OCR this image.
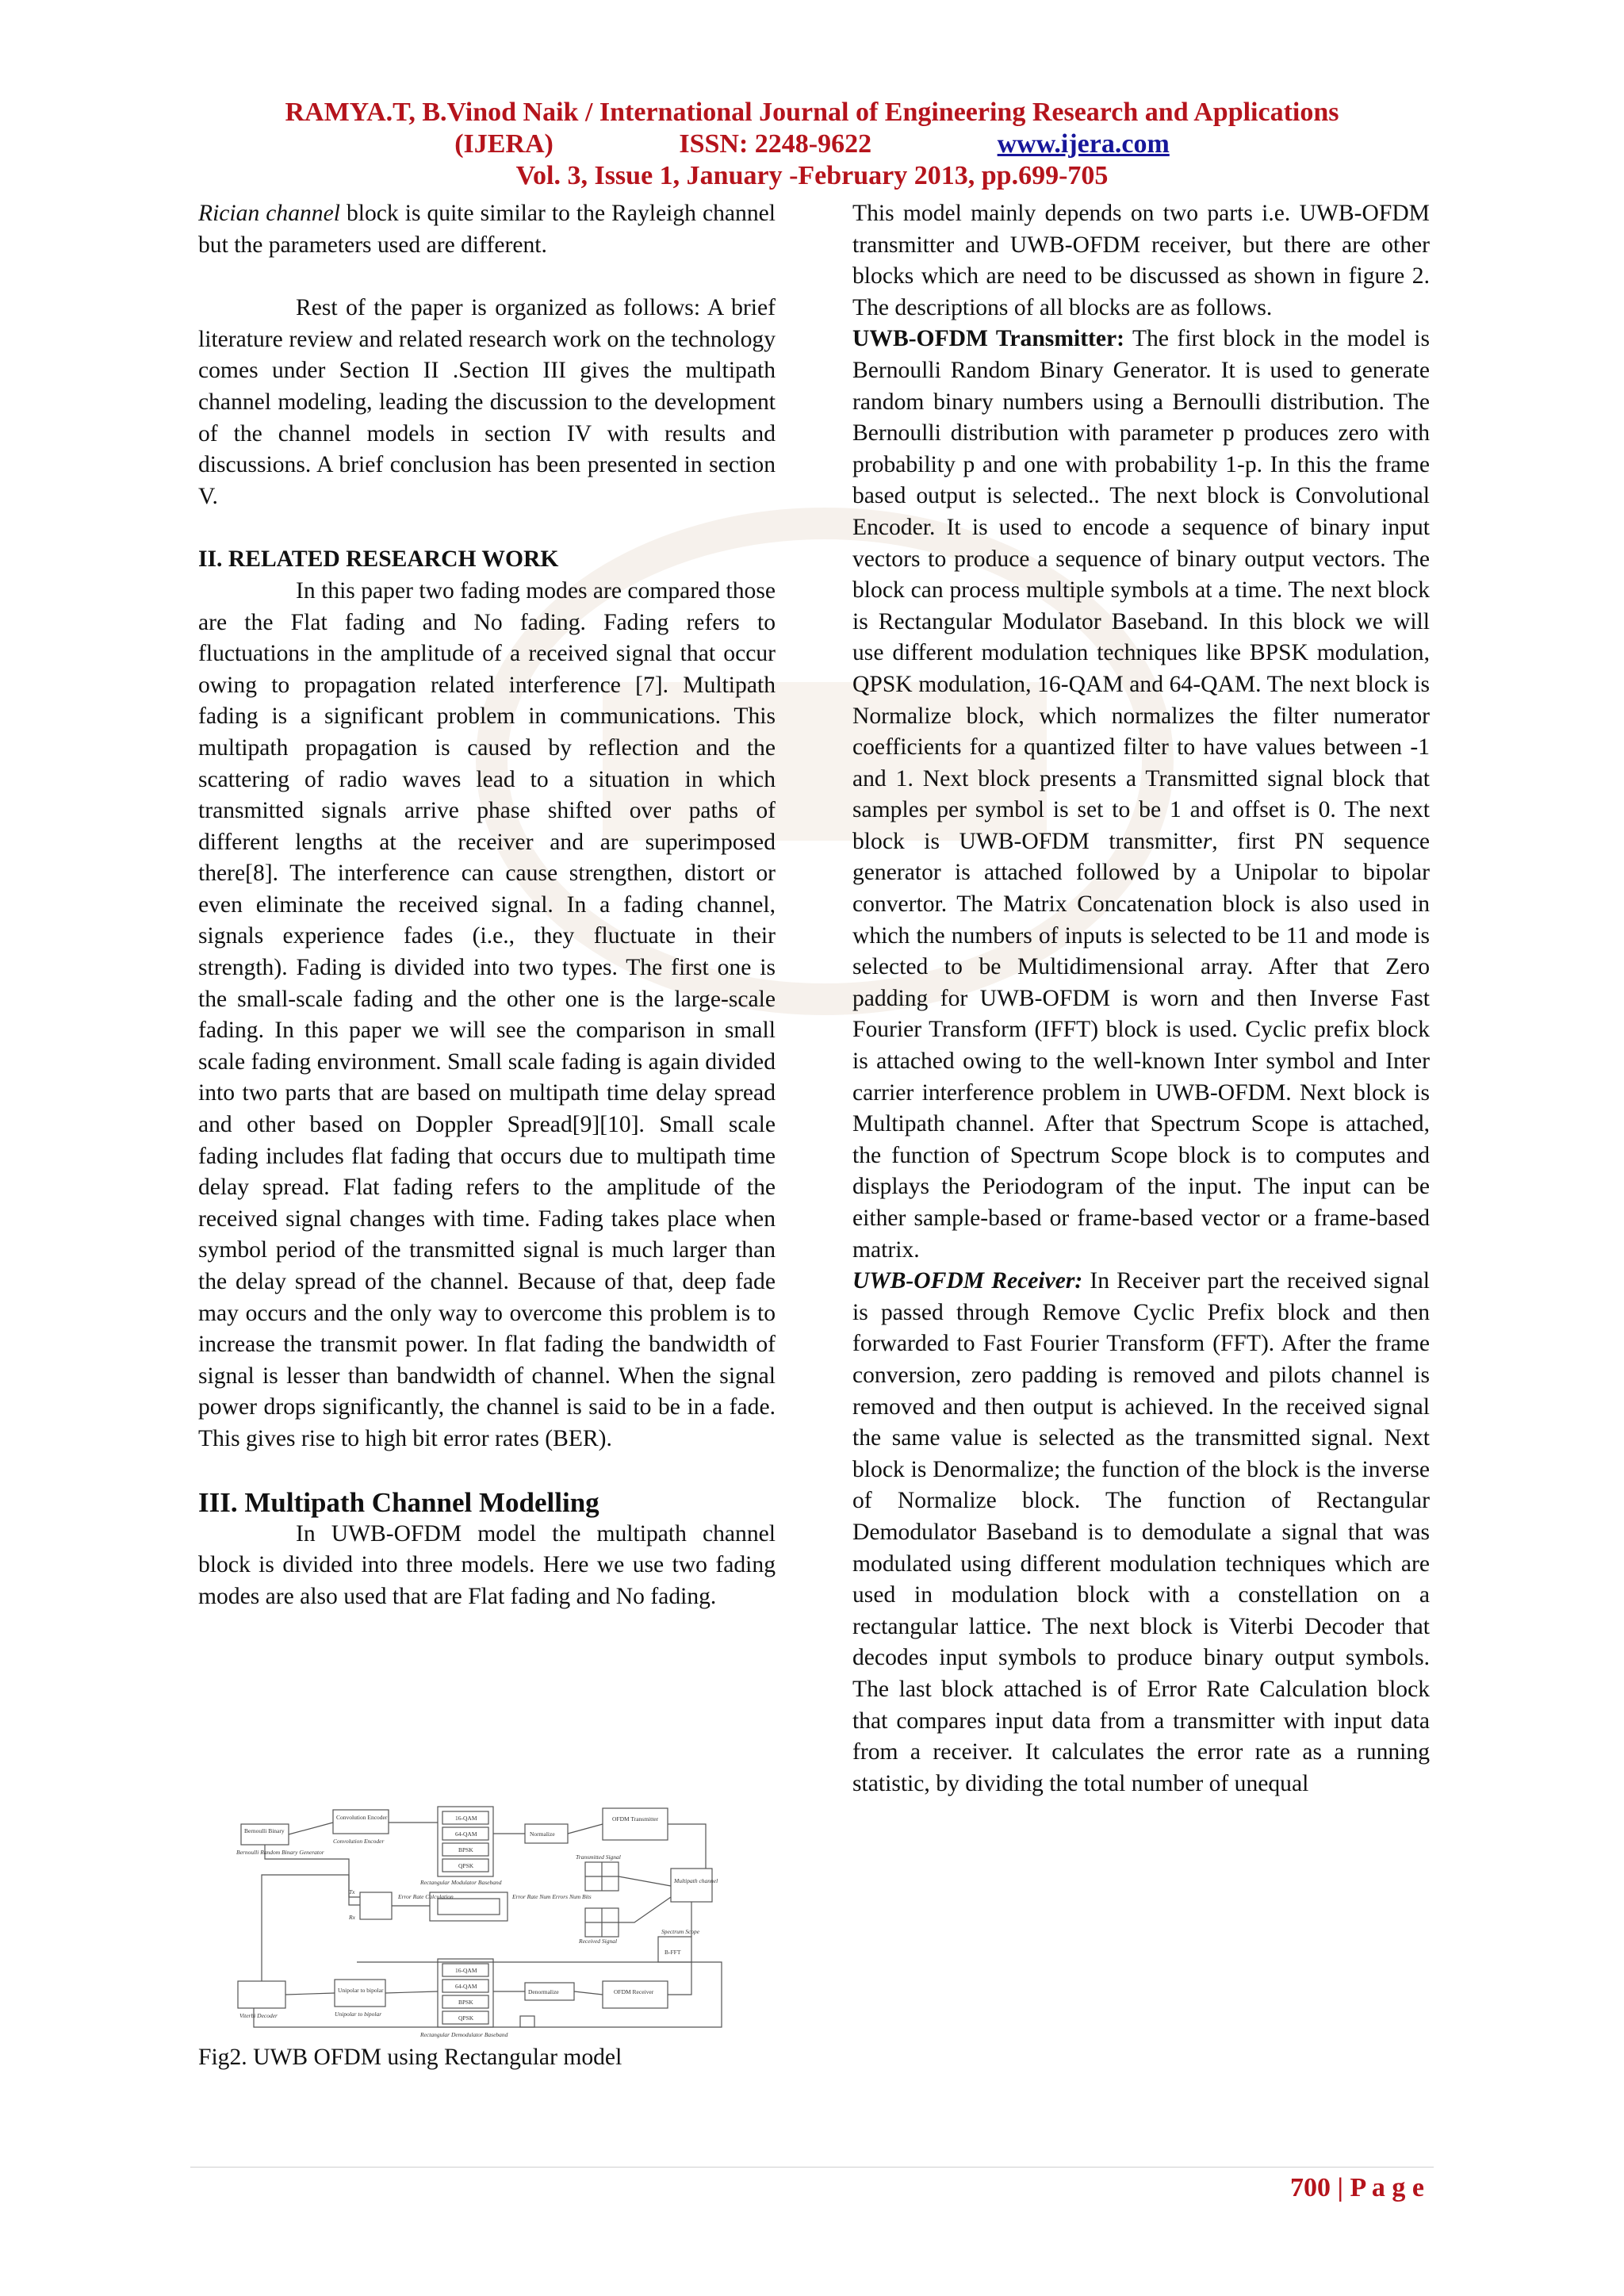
RAMYA.T, B.Vinod Naik / International Journal of Engineering Research and Applications
(IJERA)	ISSN: 2248-9622	www.ijera.com
Vol. 3, Issue 1, January -February 2013, pp.699-705

Rician channel block is quite similar to the Rayleigh channel but the parameters used are different.

Rest of the paper is organized as follows: A brief literature review and related research work on the technology comes under Section II .Section III gives the multipath channel modeling, leading the discussion to the development of the channel models in section IV with results and discussions. A brief conclusion has been presented in section V.

II. RELATED RESEARCH WORK

In this paper two fading modes are compared those are the Flat fading and No fading. Fading refers to fluctuations in the amplitude of a received signal that occur owing to propagation related interference [7]. Multipath fading is a significant problem in communications. This multipath propagation is caused by reflection and the scattering of radio waves lead to a situation in which transmitted signals arrive phase shifted over paths of different lengths at the receiver and are superimposed there[8]. The interference can cause strengthen, distort or even eliminate the received signal. In a fading channel, signals experience fades (i.e., they fluctuate in their strength). Fading is divided into two types. The first one is the small-scale fading and the other one is the large-scale fading. In this paper we will see the comparison in small scale fading environment. Small scale fading is again divided into two parts that are based on multipath time delay spread and other based on Doppler Spread[9][10]. Small scale fading includes flat fading that occurs due to multipath time delay spread. Flat fading refers to the amplitude of the received signal changes with time. Fading takes place when symbol period of the transmitted signal is much larger than the delay spread of the channel. Because of that, deep fade may occurs and the only way to overcome this problem is to increase the transmit power. In flat fading the bandwidth of signal is lesser than bandwidth of channel. When the signal power drops significantly, the channel is said to be in a fade. This gives rise to high bit error rates (BER).

III. Multipath Channel Modelling

In UWB-OFDM model the multipath channel block is divided into three models. Here we use two fading modes are also used that are Flat fading and No fading.

Bernoulli Binary
Bernoulli Random Binary Generator
Convolution Encoder
Convolution Encoder
16-QAM
64-QAM
BPSK
QPSK
Rectangular Modulator Baseband
Normalize
OFDM Transmitter
Transmitted Signal
Multipath channel
Error Rate Calculation
Tx
Rx
Error Rate Num Errors Num Bits
Received Signal
Spectrum Scope
B-FFT
16-QAM
64-QAM
BPSK
QPSK
Rectangular Demodulator Baseband
Denormalize	OFDM Receiver
Viterbi Decoder
Unipolar to bipolar
Unipolar to bipolar
Fig2. UWB OFDM using Rectangular model

This model mainly depends on two parts i.e. UWB-OFDM transmitter and UWB-OFDM receiver, but there are other blocks which are need to be discussed as shown in figure 2. The descriptions of all blocks are as follows.

UWB-OFDM Transmitter: The first block in the model is Bernoulli Random Binary Generator. It is used to generate random binary numbers using a Bernoulli distribution. The Bernoulli distribution with parameter p produces zero with probability p and one with probability 1-p. In this the frame based output is selected.. The next block is Convolutional Encoder. It is used to encode a sequence of binary input vectors to produce a sequence of binary output vectors. The block can process multiple symbols at a time. The next block is Rectangular Modulator Baseband. In this block we will use different modulation techniques like BPSK modulation, QPSK modulation, 16-QAM and 64-QAM. The next block is Normalize block, which normalizes the filter numerator coefficients for a quantized filter to have values between -1 and 1. Next block presents a Transmitted signal block that samples per symbol is set to be 1 and offset is 0. The next block is UWB-OFDM transmitter, first PN sequence generator is attached followed by a Unipolar to bipolar convertor. The Matrix Concatenation block is also used in which the numbers of inputs is selected to be 11 and mode is selected to be Multidimensional array. After that Zero padding for UWB-OFDM is worn and then Inverse Fast Fourier Transform (IFFT) block is used. Cyclic prefix block is attached owing to the well-known Inter symbol and Inter carrier interference problem in UWB-OFDM. Next block is Multipath channel. After that Spectrum Scope is attached, the function of Spectrum Scope block is to computes and displays the Periodogram of the input. The input can be either sample-based or frame-based vector or a frame-based matrix.

UWB-OFDM Receiver: In Receiver part the received signal is passed through Remove Cyclic Prefix block and then forwarded to Fast Fourier Transform (FFT). After the frame conversion, zero padding is removed and pilots channel is removed and then output is achieved. In the received signal the same value is selected as the transmitted signal. Next block is Denormalize; the function of the block is the inverse of Normalize block. The function of Rectangular Demodulator Baseband is to demodulate a signal that was modulated using different modulation techniques which are used in modulation block with a constellation on a rectangular lattice. The next block is Viterbi Decoder that decodes input symbols to produce binary output symbols. The last block attached is of Error Rate Calculation block that compares input data from a transmitter with input data from a receiver. It calculates the error rate as a running statistic, by dividing the total number of unequal

700 | P a g e
